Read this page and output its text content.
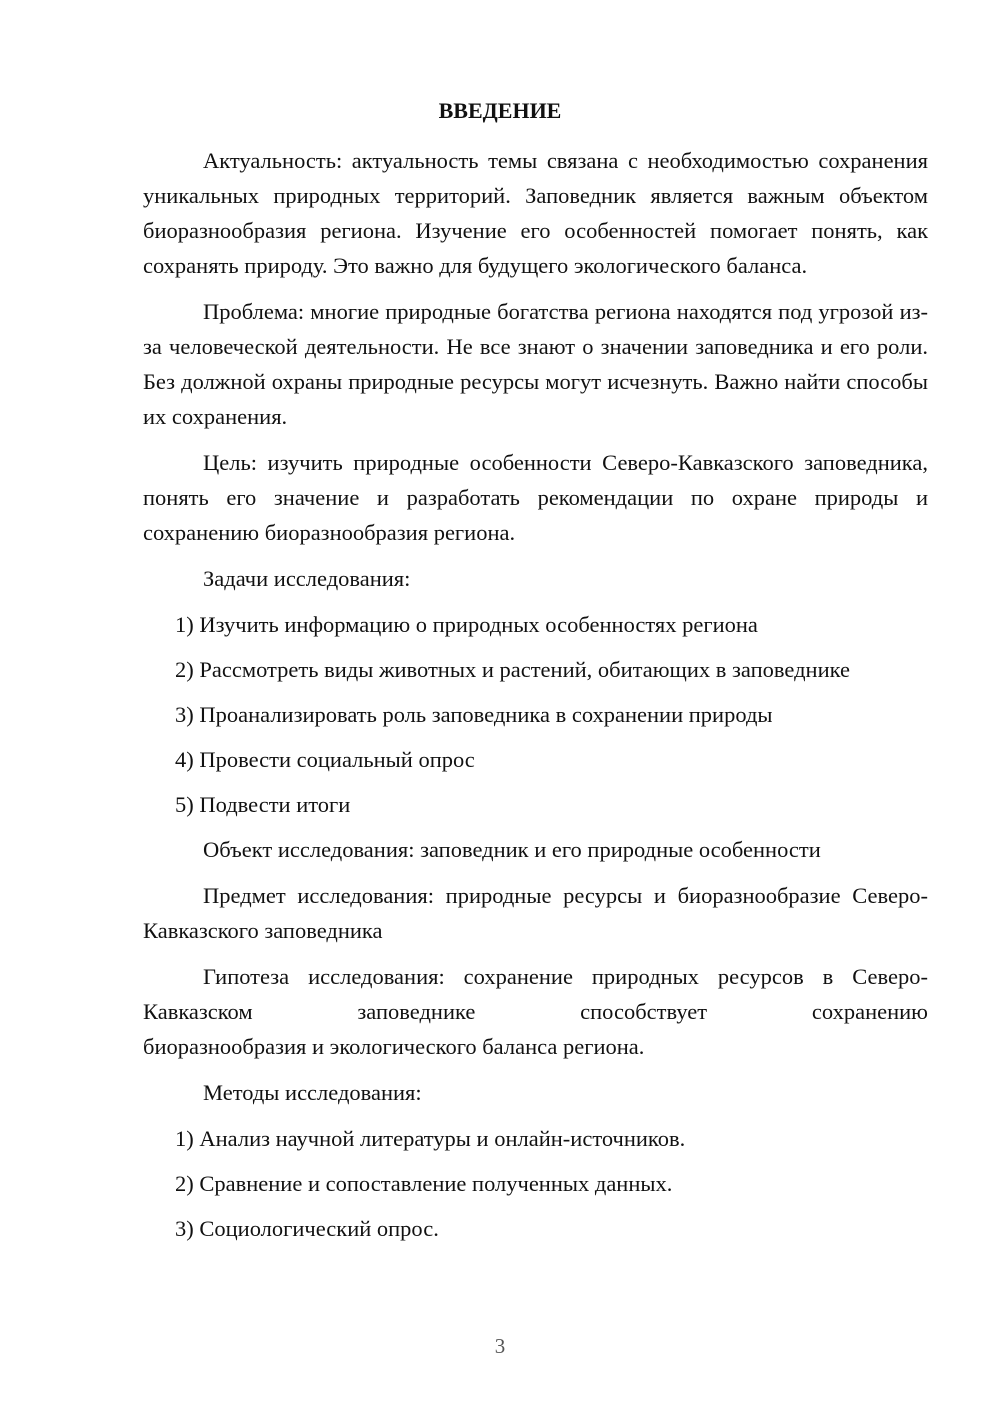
ВВЕДЕНИЕ

Актуальность: актуальность темы связана с необходимостью сохранения уникальных природных территорий. Заповедник является важным объектом биоразнообразия региона. Изучение его особенностей помогает понять, как сохранять природу. Это важно для будущего экологического баланса.

Проблема: многие природные богатства региона находятся под угрозой из-за человеческой деятельности. Не все знают о значении заповедника и его роли. Без должной охраны природные ресурсы могут исчезнуть. Важно найти способы их сохранения.

Цель: изучить природные особенности Северо-Кавказского заповедника, понять его значение и разработать рекомендации по охране природы и сохранению биоразнообразия региона.

Задачи исследования:

1) Изучить информацию о природных особенностях региона

2) Рассмотреть виды животных и растений, обитающих в заповеднике

3) Проанализировать роль заповедника в сохранении природы

4) Провести социальный опрос

5) Подвести итоги

Объект исследования: заповедник и его природные особенности

Предмет исследования: природные ресурсы и биоразнообразие Северо-Кавказского заповедника

Гипотеза исследования: сохранение природных ресурсов в Северо-Кавказском заповеднике способствует сохранению

биоразнообразия и экологического баланса региона.

Методы исследования:

1) Анализ научной литературы и онлайн-источников.

2) Сравнение и сопоставление полученных данных.

3) Социологический опрос.

3
